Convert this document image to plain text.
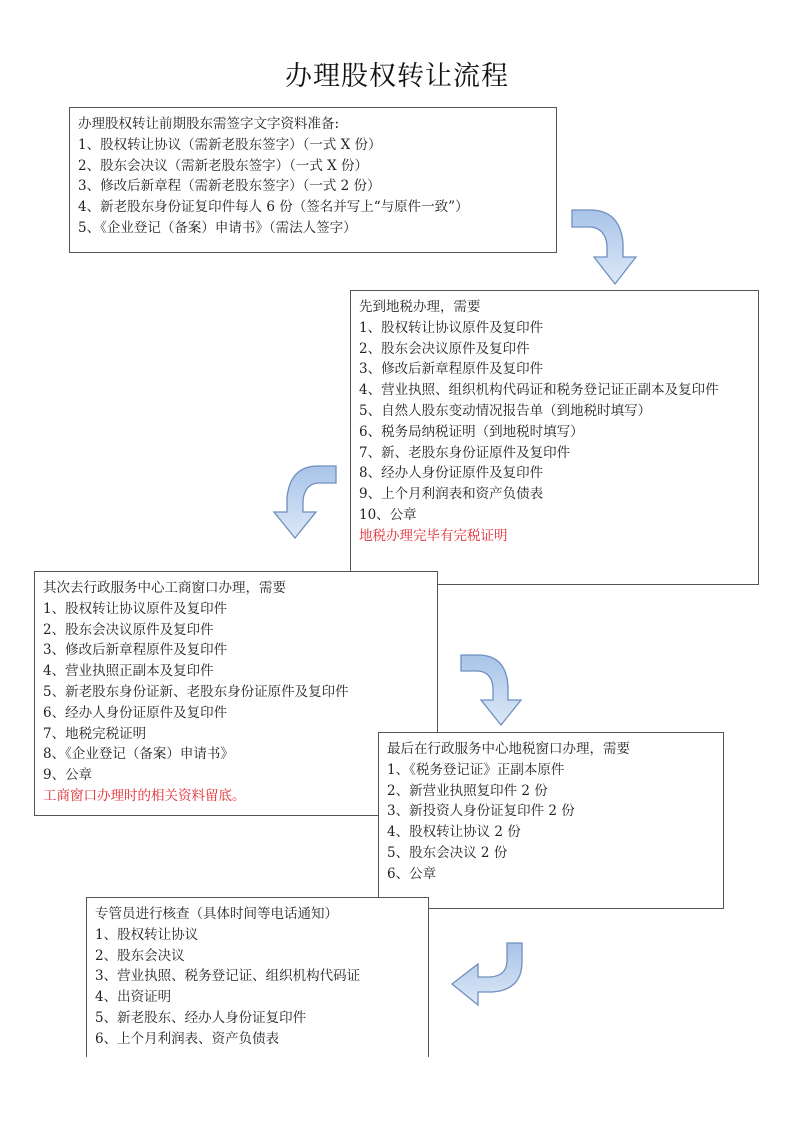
办理股权转让流程
办理股权转让前期股东需签字文字资料准备:
1、股权转让协议（需新老股东签字）（一式 X 份）
2、股东会决议（需新老股东签字）（一式 X 份）
3、修改后新章程（需新老股东签字）（一式 2 份）
4、新老股东身份证复印件每人 6 份（签名并写上“与原件一致”）
5、《企业登记（备案）申请书》（需法人签字）
先到地税办理，需要
1、股权转让协议原件及复印件
2、股东会决议原件及复印件
3、修改后新章程原件及复印件
4、营业执照、组织机构代码证和税务登记证正副本及复印件
5、自然人股东变动情况报告单（到地税时填写）
6、税务局纳税证明（到地税时填写）
7、新、老股东身份证原件及复印件
8、经办人身份证原件及复印件
9、上个月利润表和资产负债表
10、公章
地税办理完毕有完税证明
其次去行政服务中心工商窗口办理，需要
1、股权转让协议原件及复印件
2、股东会决议原件及复印件
3、修改后新章程原件及复印件
4、营业执照正副本及复印件
5、新老股东身份证新、老股东身份证原件及复印件
6、经办人身份证原件及复印件
7、地税完税证明
8、《企业登记（备案）申请书》
9、公章
工商窗口办理时的相关资料留底。
最后在行政服务中心地税窗口办理，需要
1、《税务登记证》正副本原件
2、新营业执照复印件 2 份
3、新投资人身份证复印件 2 份
4、股权转让协议 2 份
5、股东会决议 2 份
6、公章
专管员进行核查（具体时间等电话通知）
1、股权转让协议
2、股东会决议
3、营业执照、税务登记证、组织机构代码证
4、出资证明
5、新老股东、经办人身份证复印件
6、上个月利润表、资产负债表
